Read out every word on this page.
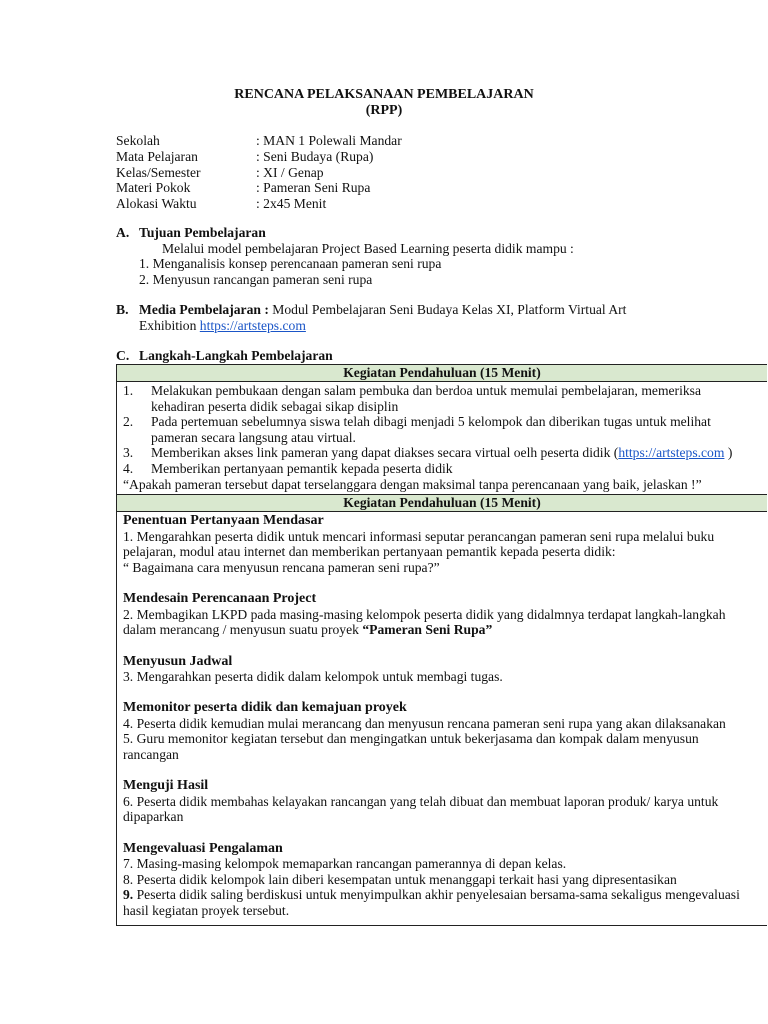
RENCANA PELAKSANAAN PEMBELAJARAN
(RPP)
Sekolah	: MAN 1 Polewali Mandar
Mata Pelajaran	: Seni Budaya (Rupa)
Kelas/Semester	: XI / Genap
Materi Pokok	: Pameran Seni Rupa
Alokasi Waktu	: 2x45 Menit
A. Tujuan Pembelajaran
Melalui model pembelajaran Project Based Learning peserta didik mampu :
1. Menganalisis konsep perencanaan pameran seni rupa
2. Menyusun rancangan pameran seni rupa
B. Media Pembelajaran : Modul Pembelajaran Seni Budaya Kelas XI, Platform Virtual Art
Exhibition https://artsteps.com
C. Langkah-Langkah Pembelajaran
Kegiatan Pendahuluan (15 Menit)
1.	Melakukan pembukaan dengan salam pembuka dan berdoa untuk memulai pembelajaran, memeriksa
kehadiran peserta didik sebagai sikap disiplin
2.	Pada pertemuan sebelumnya siswa telah dibagi menjadi 5 kelompok dan diberikan tugas untuk melihat
pameran secara langsung atau virtual.
3.	Memberikan akses link pameran yang dapat diakses secara virtual oelh peserta didik (https://artsteps.com )
4.	Memberikan pertanyaan pemantik kepada peserta didik
“Apakah pameran tersebut dapat terselanggara dengan maksimal tanpa perencanaan yang baik, jelaskan !”
Kegiatan Pendahuluan (15 Menit)
Penentuan Pertanyaan Mendasar
1. Mengarahkan peserta didik untuk mencari informasi seputar perancangan pameran seni rupa melalui buku
pelajaran, modul atau internet dan memberikan pertanyaan pemantik kepada peserta didik:
“ Bagaimana cara menyusun rencana pameran seni rupa?”
Mendesain Perencanaan Project
2. Membagikan LKPD pada masing-masing kelompok peserta didik yang didalmnya terdapat langkah-langkah
dalam merancang / menyusun suatu proyek “Pameran Seni Rupa”
Menyusun Jadwal
3. Mengarahkan peserta didik dalam kelompok untuk membagi tugas.
Memonitor peserta didik dan kemajuan proyek
4. Peserta didik kemudian mulai merancang dan menyusun rencana pameran seni rupa yang akan dilaksanakan
5. Guru memonitor kegiatan tersebut dan mengingatkan untuk bekerjasama dan kompak dalam menyusun
rancangan
Menguji Hasil
6. Peserta didik membahas kelayakan rancangan yang telah dibuat dan membuat laporan produk/ karya untuk
dipaparkan
Mengevaluasi Pengalaman
7. Masing-masing kelompok memaparkan rancangan pamerannya di depan kelas.
8. Peserta didik kelompok lain diberi kesempatan untuk menanggapi terkait hasi yang dipresentasikan
9. Peserta didik saling berdiskusi untuk menyimpulkan akhir penyelesaian bersama-sama sekaligus mengevaluasi
hasil kegiatan proyek tersebut.
